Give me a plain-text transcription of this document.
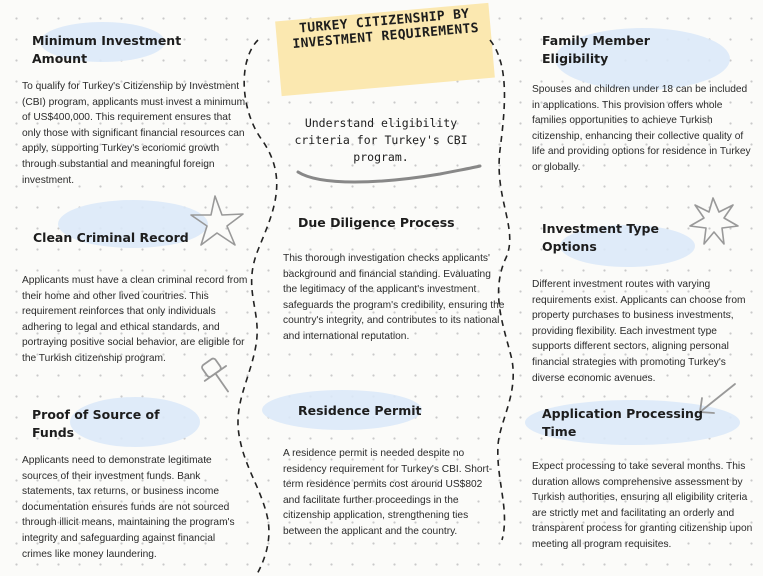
TURKEY CITIZENSHIP BY INVESTMENT REQUIREMENTS
Understand eligibility criteria for Turkey's CBI program.
Minimum Investment Amount
To qualify for Turkey's Citizenship by Investment (CBI) program, applicants must invest a minimum of US$400,000. This requirement ensures that only those with significant financial resources can apply, supporting Turkey's economic growth through substantial and meaningful foreign investment.
Clean Criminal Record
Applicants must have a clean criminal record from their home and other lived countries. This requirement reinforces that only individuals adhering to legal and ethical standards, and portraying positive social behavior, are eligible for the Turkish citizenship program.
Proof of Source of Funds
Applicants need to demonstrate legitimate sources of their investment funds. Bank statements, tax returns, or business income documentation ensures funds are not sourced through illicit means, maintaining the program's integrity and safeguarding against financial crimes like money laundering.
Due Diligence Process
This thorough investigation checks applicants' background and financial standing. Evaluating the legitimacy of the applicant's investment safeguards the program's credibility, ensuring the country's integrity, and contributes to its national and international reputation.
Residence Permit
A residence permit is needed despite no residency requirement for Turkey's CBI. Short-term residence permits cost around US$802 and facilitate further proceedings in the citizenship application, strengthening ties between the applicant and the country.
Family Member Eligibility
Spouses and children under 18 can be included in applications. This provision offers whole families opportunities to achieve Turkish citizenship, enhancing their collective quality of life and providing options for residence in Turkey or globally.
Investment Type Options
Different investment routes with varying requirements exist. Applicants can choose from property purchases to business investments, providing flexibility. Each investment type supports different sectors, aligning personal financial strategies with promoting Turkey's diverse economic avenues.
Application Processing Time
Expect processing to take several months. This duration allows comprehensive assessment by Turkish authorities, ensuring all eligibility criteria are strictly met and facilitating an orderly and transparent process for granting citizenship upon meeting all program requisites.
